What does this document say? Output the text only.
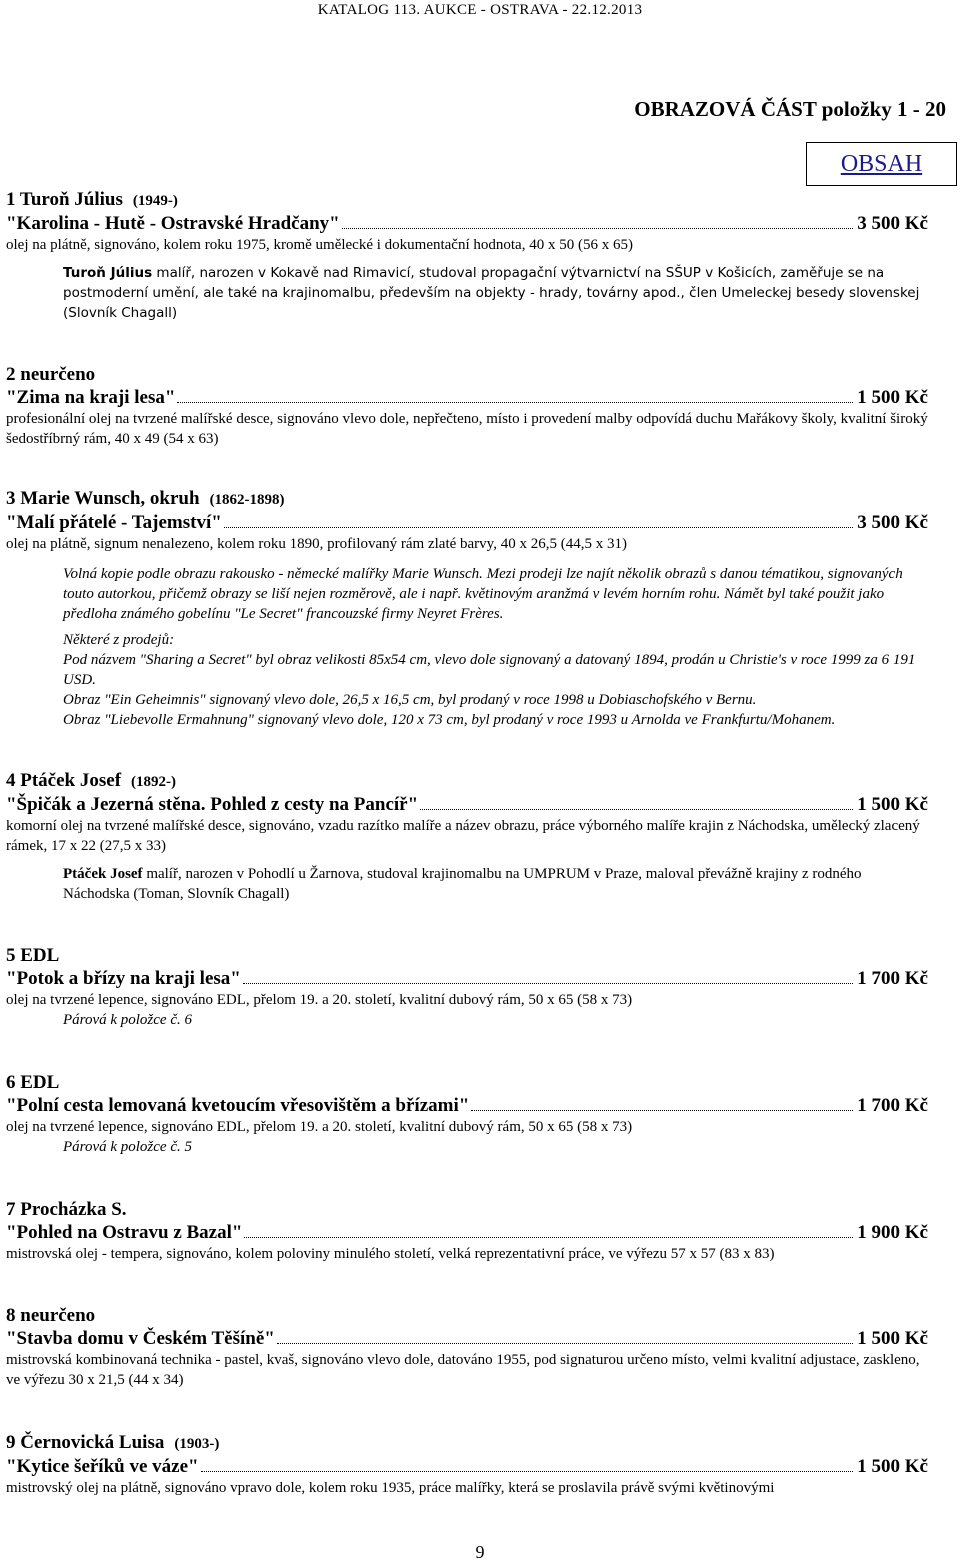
KATALOG 113. AUKCE - OSTRAVA - 22.12.2013
OBRAZOVÁ ČÁST položky 1 - 20
OBSAH
1 Turoň Július (1949-)
"Karolina - Hutě - Ostravské Hradčany"	3 500 Kč
olej na plátně, signováno, kolem roku 1975, kromě umělecké i dokumentační hodnota, 40 x 50 (56 x 65)
Turoň Július malíř, narozen v Kokavě nad Rimavicí, studoval propagační výtvarnictví na SŠUP v Košicích, zaměřuje se na postmoderní umění, ale také na krajinomalbu, především na objekty - hrady, továrny apod., člen Umeleckej besedy slovenskej (Slovník Chagall)
2 neurčeno
"Zima na kraji lesa"	1 500 Kč
profesionální olej na tvrzené malířské desce, signováno vlevo dole, nepřečteno, místo i provedení malby odpovídá duchu Mařákovy školy, kvalitní široký šedostříbrný rám, 40 x 49 (54 x 63)
3 Marie Wunsch, okruh (1862-1898)
"Malí přátelé - Tajemství"	3 500 Kč
olej na plátně, signum nenalezeno, kolem roku 1890, profilovaný rám zlaté barvy, 40 x 26,5 (44,5 x 31)

Volná kopie podle obrazu rakousko - německé malířky Marie Wunsch. Mezi prodeji lze najít několik obrazů s danou tématikou, signovaných touto autorkou, přičemž obrazy se liší nejen rozměrově, ale i např. květinovým aranžmá v levém horním rohu. Námět byl také použit jako předloha známého gobelínu "Le Secret" francouzské firmy Neyret Frères.

Některé z prodejů:

Pod názvem "Sharing a Secret" byl obraz velikosti 85x54 cm, vlevo dole signovaný a datovaný 1894, prodán u Christie's v roce 1999 za 6 191 USD.

Obraz "Ein Geheimnis" signovaný vlevo dole, 26,5 x 16,5 cm, byl prodaný v roce 1998 u Dobiaschofského v Bernu.

Obraz "Liebevolle Ermahnung" signovaný vlevo dole, 120 x 73 cm, byl prodaný v roce 1993 u Arnolda ve Frankfurtu/Mohanem.

4 Ptáček Josef (1892-)
"Špičák a Jezerná stěna. Pohled z cesty na Pancíř"	1 500 Kč
komorní olej na tvrzené malířské desce, signováno, vzadu razítko malíře a název obrazu, práce výborného malíře krajin z Náchodska, umělecký zlacený rámek, 17 x 22 (27,5 x 33)
Ptáček Josef malíř, narozen v Pohodlí u Žarnova, studoval krajinomalbu na UMPRUM v Praze, maloval převážně krajiny z rodného Náchodska (Toman, Slovník Chagall)
5 EDL
"Potok a břízy na kraji lesa"	1 700 Kč
olej na tvrzené lepence, signováno EDL, přelom 19. a 20. století, kvalitní dubový rám, 50 x 65 (58 x 73)
Párová k položce č. 6
6 EDL
"Polní cesta lemovaná kvetoucím vřesovištěm a břízami"	1 700 Kč
olej na tvrzené lepence, signováno EDL, přelom 19. a 20. století, kvalitní dubový rám, 50 x 65 (58 x 73)
Párová k položce č. 5
7 Procházka S.
"Pohled na Ostravu z Bazal"	1 900 Kč
mistrovská olej - tempera, signováno, kolem poloviny minulého století, velká reprezentativní práce, ve výřezu 57 x 57 (83 x 83)
8 neurčeno
"Stavba domu v Českém Těšíně"	1 500 Kč
mistrovská kombinovaná technika - pastel, kvaš, signováno vlevo dole, datováno 1955, pod signaturou určeno místo, velmi kvalitní adjustace, zaskleno, ve výřezu 30 x 21,5 (44 x 34)
9 Černovická Luisa (1903-)
"Kytice šeříků ve váze"	1 500 Kč
mistrovský olej na plátně, signováno vpravo dole, kolem roku 1935, práce malířky, která se proslavila právě svými květinovými
9
